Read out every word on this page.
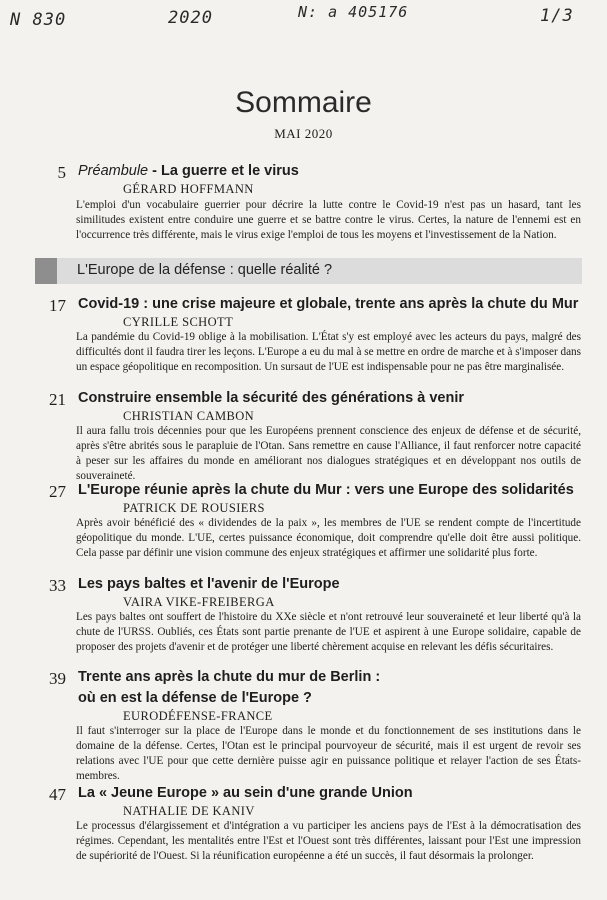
N 830	2020	N: a 405176	1/3
Sommaire
MAI 2020
5 Préambule - La guerre et le virus
GÉRARD HOFFMANN
L'emploi d'un vocabulaire guerrier pour décrire la lutte contre le Covid-19 n'est pas un hasard, tant les similitudes existent entre conduire une guerre et se battre contre le virus. Certes, la nature de l'ennemi est en l'occurrence très différente, mais le virus exige l'emploi de tous les moyens et l'investissement de la Nation.
L'Europe de la défense : quelle réalité ?
17 Covid-19 : une crise majeure et globale, trente ans après la chute du Mur
CYRILLE SCHOTT
La pandémie du Covid-19 oblige à la mobilisation. L'État s'y est employé avec les acteurs du pays, malgré des difficultés dont il faudra tirer les leçons. L'Europe a eu du mal à se mettre en ordre de marche et à s'imposer dans un espace géopolitique en recomposition. Un sursaut de l'UE est indispensable pour ne pas être marginalisée.
21 Construire ensemble la sécurité des générations à venir
CHRISTIAN CAMBON
Il aura fallu trois décennies pour que les Européens prennent conscience des enjeux de défense et de sécurité, après s'être abrités sous le parapluie de l'Otan. Sans remettre en cause l'Alliance, il faut renforcer notre capacité à peser sur les affaires du monde en améliorant nos dialogues stratégiques et en développant nos outils de souveraineté.
27 L'Europe réunie après la chute du Mur : vers une Europe des solidarités
PATRICK DE ROUSIERS
Après avoir bénéficié des « dividendes de la paix », les membres de l'UE se rendent compte de l'incertitude géopolitique du monde. L'UE, certes puissance économique, doit comprendre qu'elle doit être aussi politique. Cela passe par définir une vision commune des enjeux stratégiques et affirmer une solidarité plus forte.
33 Les pays baltes et l'avenir de l'Europe
VAIRA VIKE-FREIBERGA
Les pays baltes ont souffert de l'histoire du XXe siècle et n'ont retrouvé leur souveraineté et leur liberté qu'à la chute de l'URSS. Oubliés, ces États sont partie prenante de l'UE et aspirent à une Europe solidaire, capable de proposer des projets d'avenir et de protéger une liberté chèrement acquise en relevant les défis sécuritaires.
39 Trente ans après la chute du mur de Berlin :
où en est la défense de l'Europe ?
EURODÉFENSE-FRANCE
Il faut s'interroger sur la place de l'Europe dans le monde et du fonctionnement de ses institutions dans le domaine de la défense. Certes, l'Otan est le principal pourvoyeur de sécurité, mais il est urgent de revoir ses relations avec l'UE pour que cette dernière puisse agir en puissance politique et relayer l'action de ses États-membres.
47 La « Jeune Europe » au sein d'une grande Union
NATHALIE DE KANIV
Le processus d'élargissement et d'intégration a vu participer les anciens pays de l'Est à la démocratisation des régimes. Cependant, les mentalités entre l'Est et l'Ouest sont très différentes, laissant pour l'Est une impression de supériorité de l'Ouest. Si la réunification européenne a été un succès, il faut désormais la prolonger.
